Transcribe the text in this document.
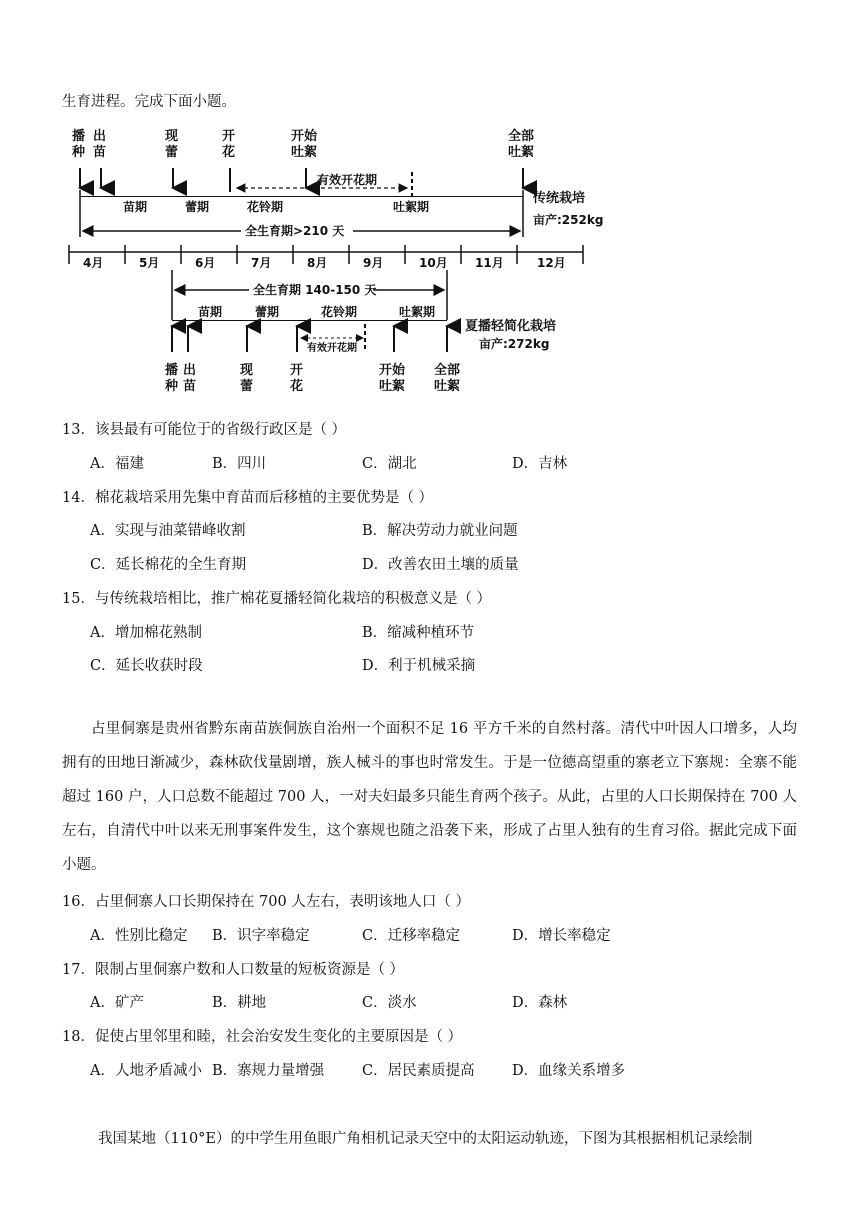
生育进程。完成下面小题。
播
种
出
苗
现
蕾
开
花
开始
吐絮
全部
吐絮
有效开花期
苗期	蕾期	花铃期	吐絮期
传统栽培
亩产:252kg
全生育期>210 天
4月	5月	6月	7月	8月	9月	10月 11月	12月
全生育期 140-150 天
苗期	蕾期	花铃期	吐絮期
夏播轻简化栽培
亩产:272kg
有效开花期
播
种
出
苗
现
蕾
开
花
开始
吐絮
全部
吐絮
13．该县最有可能位于的省级行政区是（ ）
A．福建	B．四川	C．湖北	D．吉林
14．棉花栽培采用先集中育苗而后移植的主要优势是（ ）
A．实现与油菜错峰收割	B．解决劳动力就业问题
C．延长棉花的全生育期	D．改善农田土壤的质量
15．与传统栽培相比，推广棉花夏播轻简化栽培的积极意义是（ ）
A．增加棉花熟制	B．缩减种植环节
C．延长收获时段	D．利于机械采摘
占里侗寨是贵州省黔东南苗族侗族自治州一个面积不足 16 平方千米的自然村落。清代中叶因人口增多，人均拥有的田地日渐减少，森林砍伐量剧增，族人械斗的事也时常发生。于是一位德高望重的寨老立下寨规：全寨不能超过 160 户，人口总数不能超过 700 人，一对夫妇最多只能生育两个孩子。从此，占里的人口长期保持在 700 人左右，自清代中叶以来无刑事案件发生，这个寨规也随之沿袭下来，形成了占里人独有的生育习俗。据此完成下面小题。
16．占里侗寨人口长期保持在 700 人左右，表明该地人口（ ）
A．性别比稳定 B．识字率稳定	C．迁移率稳定	D．增长率稳定
17．限制占里侗寨户数和人口数量的短板资源是（ ）
A．矿产	B．耕地	C．淡水	D．森林
18．促使占里邻里和睦，社会治安发生变化的主要原因是（ ）
A．人地矛盾减小 B．寨规力量增强	C．居民素质提高	D．血缘关系增多
我国某地（110°E）的中学生用鱼眼广角相机记录天空中的太阳运动轨迹，下图为其根据相机记录绘制
